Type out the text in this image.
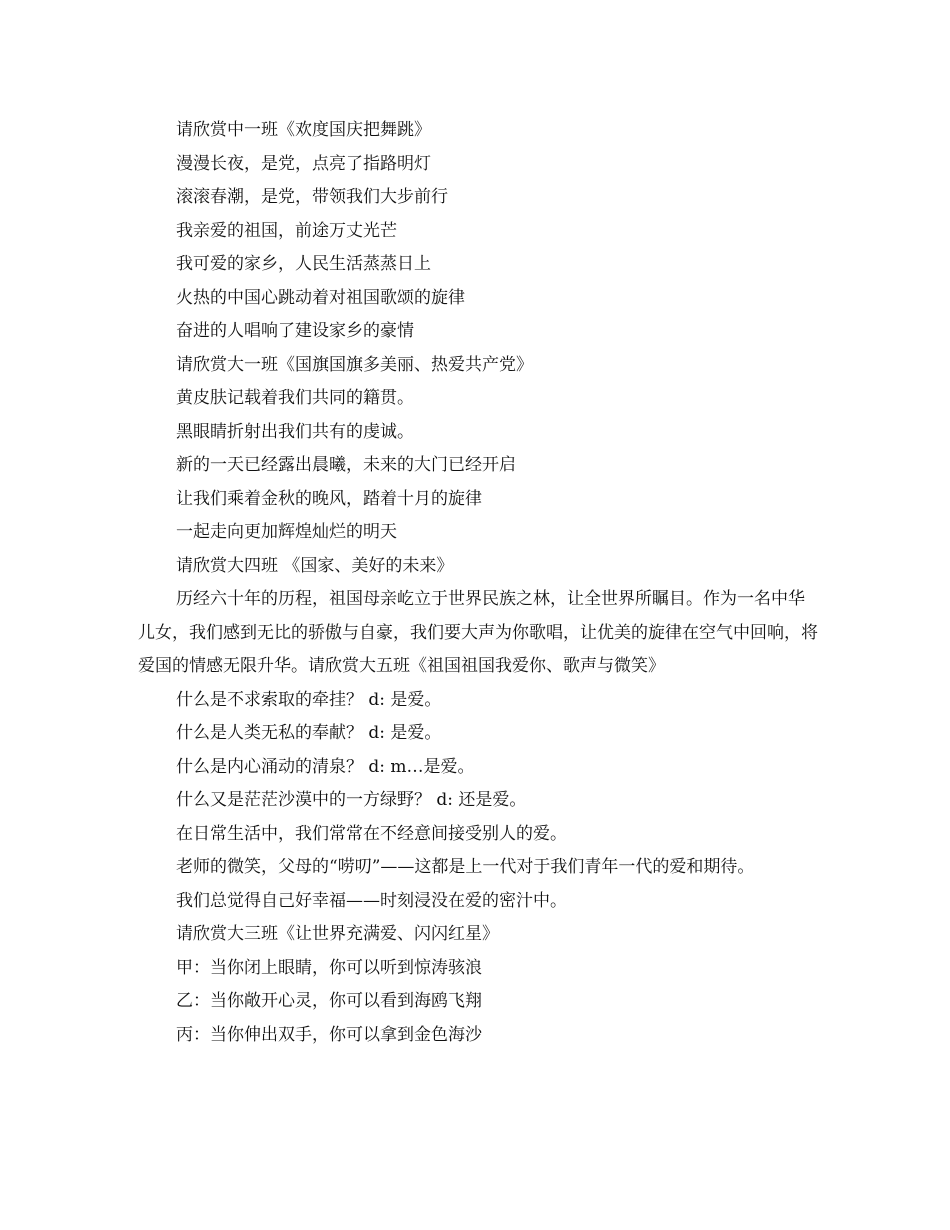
请欣赏中一班《欢度国庆把舞跳》
漫漫长夜，是党，点亮了指路明灯
滚滚春潮，是党，带领我们大步前行
我亲爱的祖国，前途万丈光芒
我可爱的家乡，人民生活蒸蒸日上
火热的中国心跳动着对祖国歌颂的旋律
奋进的人唱响了建设家乡的豪情
请欣赏大一班《国旗国旗多美丽、热爱共产党》
黄皮肤记载着我们共同的籍贯。
黑眼睛折射出我们共有的虔诚。
新的一天已经露出晨曦，未来的大门已经开启
让我们乘着金秋的晚风，踏着十月的旋律
一起走向更加辉煌灿烂的明天
请欣赏大四班 《国家、美好的未来》
历经六十年的历程，祖国母亲屹立于世界民族之林，让全世界所瞩目。作为一名中华儿女，我们感到无比的骄傲与自豪，我们要大声为你歌唱，让优美的旋律在空气中回响，将爱国的情感无限升华。请欣赏大五班《祖国祖国我爱你、歌声与微笑》
什么是不求索取的牵挂？ d: 是爱。
什么是人类无私的奉献？ d: 是爱。
什么是内心涌动的清泉？ d: m…是爱。
什么又是茫茫沙漠中的一方绿野？ d: 还是爱。
在日常生活中，我们常常在不经意间接受别人的爱。
老师的微笑，父母的“唠叨”——这都是上一代对于我们青年一代的爱和期待。
我们总觉得自己好幸福——时刻浸没在爱的密汁中。
请欣赏大三班《让世界充满爱、闪闪红星》
甲：当你闭上眼睛，你可以听到惊涛骇浪
乙：当你敞开心灵，你可以看到海鸥飞翔
丙：当你伸出双手，你可以拿到金色海沙
